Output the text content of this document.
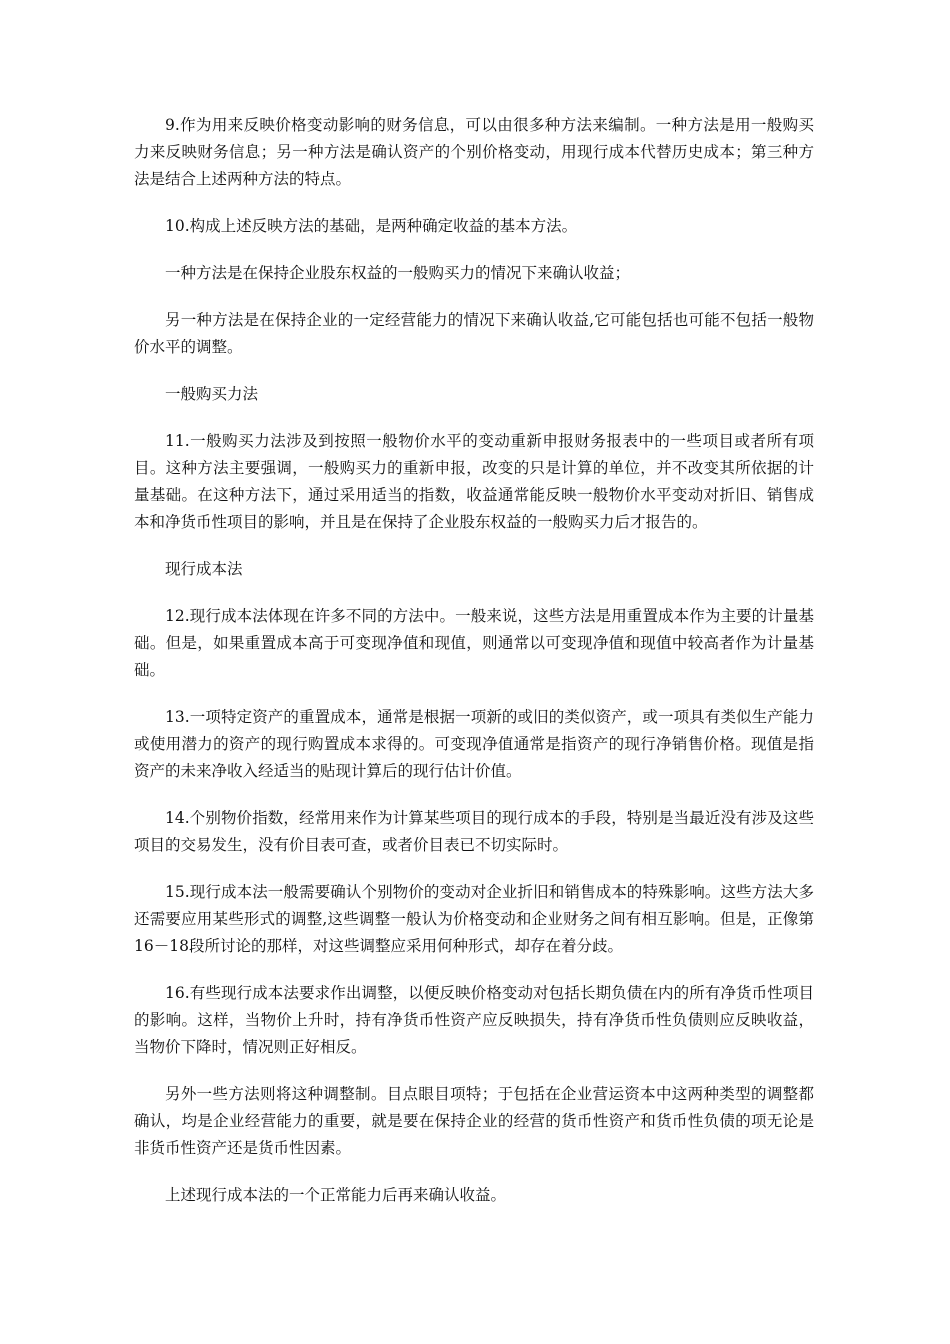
9.作为用来反映价格变动影响的财务信息，可以由很多种方法来编制。一种方法是用一般购买力来反映财务信息；另一种方法是确认资产的个别价格变动，用现行成本代替历史成本；第三种方法是结合上述两种方法的特点。

10.构成上述反映方法的基础，是两种确定收益的基本方法。

一种方法是在保持企业股东权益的一般购买力的情况下来确认收益；

另一种方法是在保持企业的一定经营能力的情况下来确认收益,它可能包括也可能不包括一般物价水平的调整。

一般购买力法

11.一般购买力法涉及到按照一般物价水平的变动重新申报财务报表中的一些项目或者所有项目。这种方法主要强调，一般购买力的重新申报，改变的只是计算的单位，并不改变其所依据的计量基础。在这种方法下，通过采用适当的指数，收益通常能反映一般物价水平变动对折旧、销售成本和净货币性项目的影响，并且是在保持了企业股东权益的一般购买力后才报告的。

现行成本法

12.现行成本法体现在许多不同的方法中。一般来说，这些方法是用重置成本作为主要的计量基础。但是，如果重置成本高于可变现净值和现值，则通常以可变现净值和现值中较高者作为计量基础。

13.一项特定资产的重置成本，通常是根据一项新的或旧的类似资产，或一项具有类似生产能力或使用潜力的资产的现行购置成本求得的。可变现净值通常是指资产的现行净销售价格。现值是指资产的未来净收入经适当的贴现计算后的现行估计价值。

14.个别物价指数，经常用来作为计算某些项目的现行成本的手段，特别是当最近没有涉及这些项目的交易发生，没有价目表可查，或者价目表已不切实际时。

15.现行成本法一般需要确认个别物价的变动对企业折旧和销售成本的特殊影响。这些方法大多还需要应用某些形式的调整,这些调整一般认为价格变动和企业财务之间有相互影响。但是，正像第16－18段所讨论的那样，对这些调整应采用何种形式，却存在着分歧。

16.有些现行成本法要求作出调整，以便反映价格变动对包括长期负债在内的所有净货币性项目的影响。这样，当物价上升时，持有净货币性资产应反映损失，持有净货币性负债则应反映收益，当物价下降时，情况则正好相反。

另外一些方法则将这种调整制。目点眼目项特；于包括在企业营运资本中这两种类型的调整都确认，均是企业经营能力的重要，就是要在保持企业的经营的货币性资产和货币性负债的项无论是非货币性资产还是货币性因素。

上述现行成本法的一个正常能力后再来确认收益。
